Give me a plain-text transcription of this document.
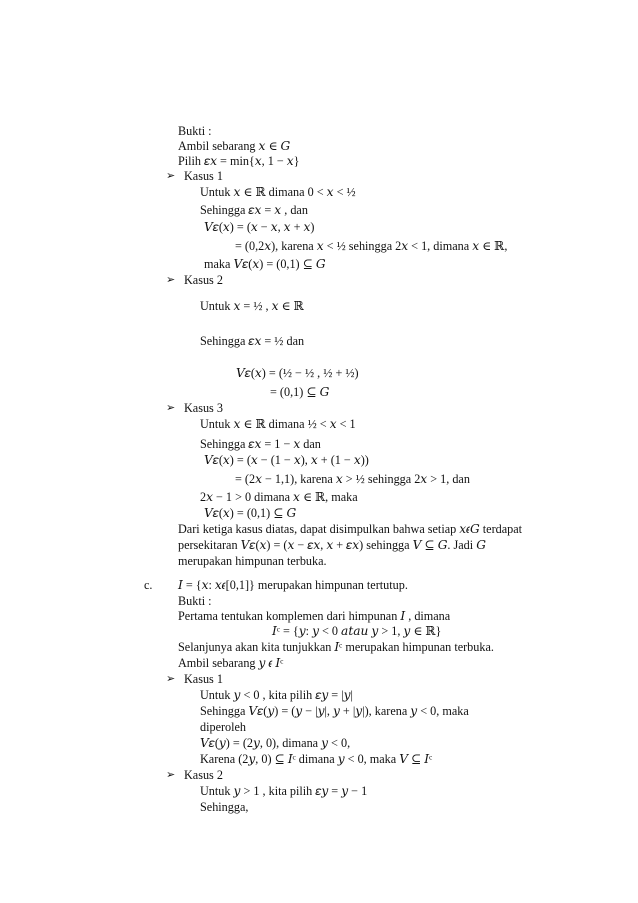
Bukti :
Ambil sebarang 𝑥 ∈ 𝐺
Pilih 𝜀𝑥 = min{𝑥, 1 − 𝑥}
➢ Kasus 1
Untuk 𝑥 ∈ ℝ dimana 0 < 𝑥 < ½
Sehingga 𝜀𝑥 = 𝑥 , dan
𝑉𝜀(𝑥) = (𝑥 − 𝑥, 𝑥 + 𝑥)
= (0,2𝑥), karena 𝑥 < ½ sehingga 2𝑥 < 1, dimana 𝑥 ∈ ℝ,
maka 𝑉𝜀(𝑥) = (0,1) ⊆ 𝐺
➢ Kasus 2
Untuk 𝑥 = ½ , 𝑥 ∈ ℝ
Sehingga 𝜀𝑥 = ½ dan
𝑉𝜀(𝑥) = (½ − ½ , ½ + ½)
= (0,1) ⊆ 𝐺
➢ Kasus 3
Untuk 𝑥 ∈ ℝ dimana ½ < 𝑥 < 1
Sehingga 𝜀𝑥 = 1 − 𝑥 dan
𝑉𝜀(𝑥) = (𝑥 − (1 − 𝑥), 𝑥 + (1 − 𝑥))
= (2𝑥 − 1,1), karena 𝑥 > ½ sehingga 2𝑥 > 1, dan
2𝑥 − 1 > 0 dimana 𝑥 ∈ ℝ, maka
𝑉𝜀(𝑥) = (0,1) ⊆ 𝐺
Dari ketiga kasus diatas, dapat disimpulkan bahwa setiap 𝑥𝜖𝐺 terdapat
persekitaran 𝑉𝜀(𝑥) = (𝑥 − 𝜀𝑥, 𝑥 + 𝜀𝑥) sehingga 𝑉 ⊆ 𝐺. Jadi 𝐺
merupakan himpunan terbuka.
c. 𝐼 = {𝑥: 𝑥𝜖[0,1]} merupakan himpunan tertutup.
Bukti :
Pertama tentukan komplemen dari himpunan 𝐼 , dimana
𝐼ᶜ = {𝑦: 𝑦 < 0 𝑎𝑡𝑎𝑢 𝑦 > 1, 𝑦 ∈ ℝ}
Selanjunya akan kita tunjukkan 𝐼ᶜ merupakan himpunan terbuka.
Ambil sebarang 𝑦 𝜖 𝐼ᶜ
➢ Kasus 1
Untuk 𝑦 < 0 , kita pilih 𝜀𝑦 = |𝑦|
Sehingga 𝑉𝜀(𝑦) = (𝑦 − |𝑦|, 𝑦 + |𝑦|), karena 𝑦 < 0, maka
diperoleh
𝑉𝜀(𝑦) = (2𝑦, 0), dimana 𝑦 < 0,
Karena (2𝑦, 0) ⊆ 𝐼ᶜ dimana 𝑦 < 0, maka 𝑉 ⊆ 𝐼ᶜ
➢ Kasus 2
Untuk 𝑦 > 1 , kita pilih 𝜀𝑦 = 𝑦 − 1
Sehingga,
